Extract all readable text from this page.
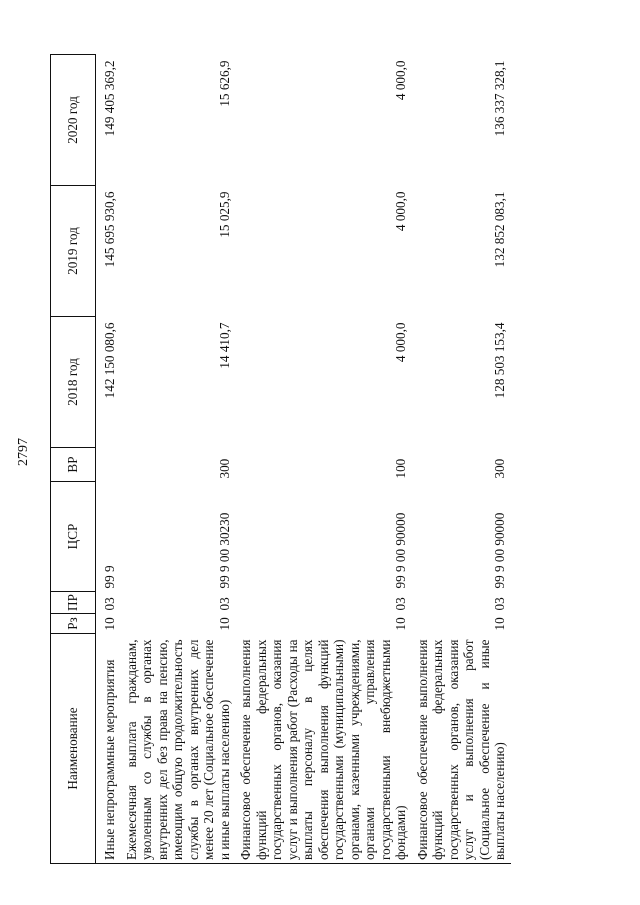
2797
Наименование	Рз	ПР	ЦСР	ВР	2018 год	2019 год	2020 год
Иные непрограммные мероприятия	10	03	99 9		142 150 080,6	145 695 930,6	149 405 369,2
Ежемесячная выплата гражданам, уволенным со службы в органах внутренних дел без права на пенсию, имеющим общую продолжительность службы в органах внутренних дел менее 20 лет (Социальное обеспечение и иные выплаты населению)	10	03	99 9 00 30230	300	14 410,7	15 025,9	15 626,9
Финансовое обеспечение выполнения функций федеральных государственных органов, оказания услуг и выполнения работ (Расходы на выплаты персоналу в целях обеспечения выполнения функций государственными (муниципальными) органами, казенными учреждениями, органами управления государственными внебюджетными фондами)	10	03	99 9 00 90000	100	4 000,0	4 000,0	4 000,0
Финансовое обеспечение выполнения функций федеральных государственных органов, оказания услуг и выполнения работ (Социальное обеспечение и иные выплаты населению)	10	03	99 9 00 90000	300	128 503 153,4	132 852 083,1	136 337 328,1
